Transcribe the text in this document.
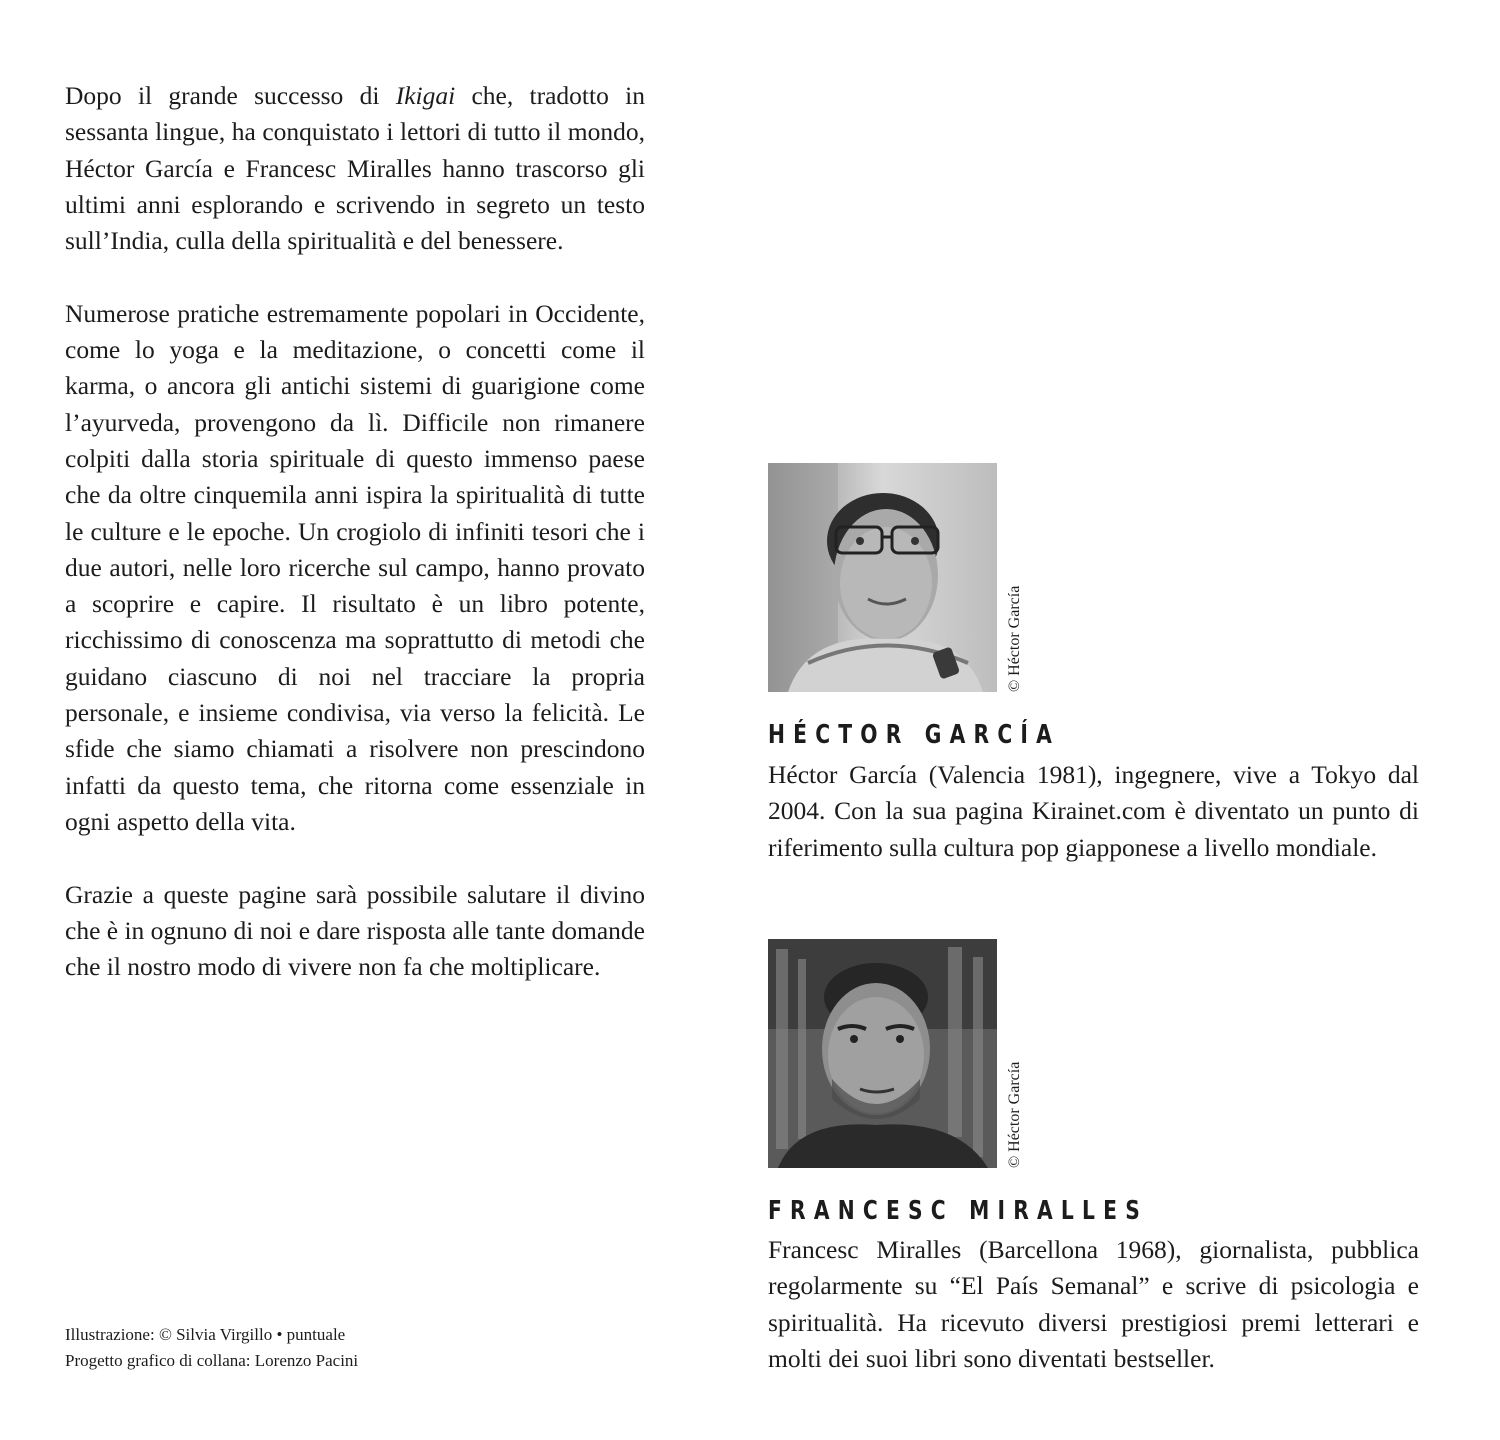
Dopo il grande successo di Ikigai che, tradotto in sessanta lingue, ha conquistato i lettori di tutto il mondo, Héctor García e Francesc Miralles hanno trascorso gli ultimi anni esplorando e scrivendo in segreto un testo sull’India, culla della spiritualità e del benessere.

Numerose pratiche estremamente popolari in Occidente, come lo yoga e la meditazione, o concetti come il karma, o ancora gli antichi sistemi di guarigione come l’ayurveda, provengono da lì. Difficile non rimanere colpiti dalla storia spirituale di questo immenso paese che da oltre cinquemila anni ispira la spiritualità di tutte le culture e le epoche. Un crogiolo di infiniti tesori che i due autori, nelle loro ricerche sul campo, hanno provato a scoprire e capire. Il risultato è un libro potente, ricchissimo di conoscenza ma soprattutto di metodi che guidano ciascuno di noi nel tracciare la propria personale, e insieme condivisa, via verso la felicità. Le sfide che siamo chiamati a risolvere non prescindono infatti da questo tema, che ritorna come essenziale in ogni aspetto della vita.

Grazie a queste pagine sarà possibile salutare il divino che è in ognuno di noi e dare risposta alle tante domande che il nostro modo di vivere non fa che moltiplicare.

Illustrazione: © Silvia Virgillo • puntuale
Progetto grafico di collana: Lorenzo Pacini
© Héctor García
HÉCTOR GARCÍA
Héctor García (Valencia 1981), ingegnere, vive a Tokyo dal 2004. Con la sua pagina Kirainet.com è diventato un punto di riferimento sulla cultura pop giapponese a livello mondiale.
© Héctor García
FRANCESC MIRALLES
Francesc Miralles (Barcellona 1968), giornalista, pubblica regolarmente su “El País Semanal” e scrive di psicologia e spiritualità. Ha ricevuto diversi prestigiosi premi letterari e molti dei suoi libri sono diventati bestseller.
